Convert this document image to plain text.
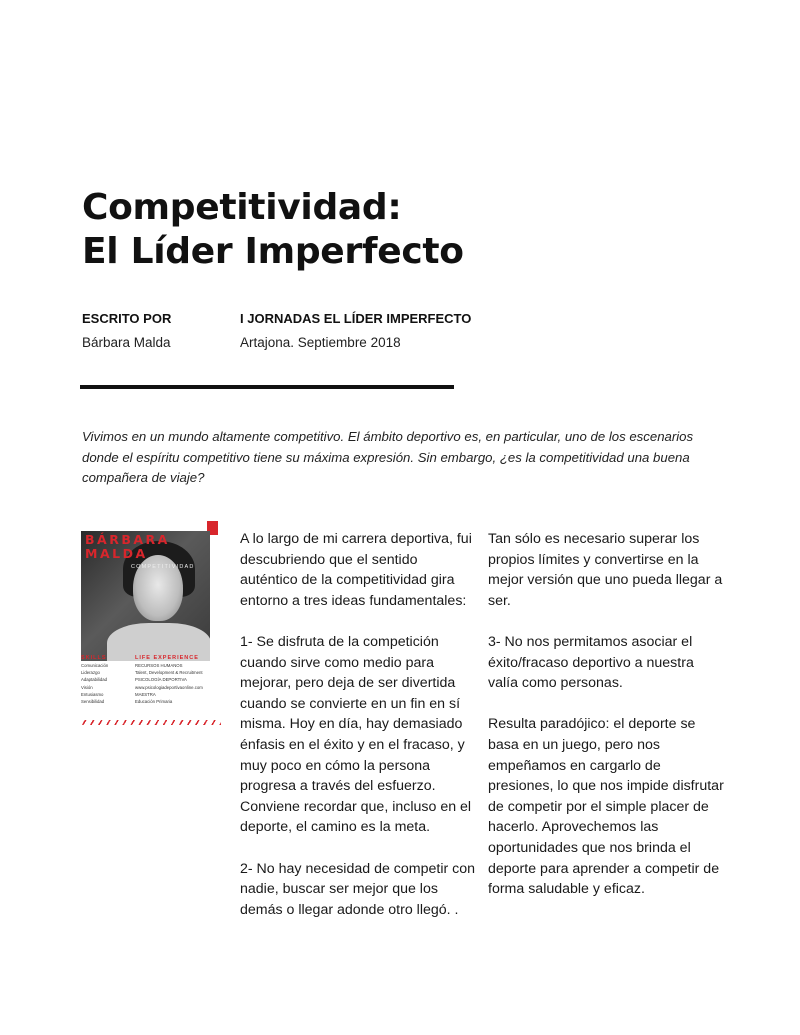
Competitividad:
El Líder Imperfecto
ESCRITO POR
Bárbara Malda
I JORNADAS EL LÍDER IMPERFECTO
Artajona. Septiembre 2018

Vivimos en un mundo altamente competitivo. El ámbito deportivo es, en particular, uno de los escenarios donde el espíritu competitivo tiene su máxima expresión. Sin embargo, ¿es la competitividad una buena compañera de viaje?

BÁRBARA
MALDA
COMPETITIVIDAD
SKILLS
Comunicación
Liderazgo
Adaptabilidad
Visión
Entusiasmo
Sensibilidad
LIFE EXPERIENCE
RECURSOS HUMANOS
Talent, Development & Recruitment
PSICOLOGÍA DEPORTIVA
www.psicologiadeportivaonline.com
MAESTRA
Educación Primaria

A lo largo de mi carrera deportiva, fui descubriendo que el sentido auténtico de la competitividad gira entorno a tres ideas fundamentales:

1- Se disfruta de la competición cuando sirve como medio para mejorar, pero deja de ser divertida cuando se convierte en un fin en sí misma. Hoy en día, hay demasiado énfasis en el éxito y en el fracaso, y muy poco en cómo la persona progresa a través del esfuerzo. Conviene recordar que, incluso en el deporte, el camino es la meta.

2- No hay necesidad de competir con nadie, buscar ser mejor que los demás o llegar adonde otro llegó. .

Tan sólo es necesario superar los propios límites y convertirse en la mejor versión que uno pueda llegar a ser.

3- No nos permitamos asociar el éxito/fracaso deportivo a nuestra valía como personas.

Resulta paradójico: el deporte se basa en un juego, pero nos empeñamos en cargarlo de presiones, lo que nos impide disfrutar de competir por el simple placer de hacerlo. Aprovechemos las oportunidades que nos brinda el deporte para aprender a competir de forma saludable y eficaz.
